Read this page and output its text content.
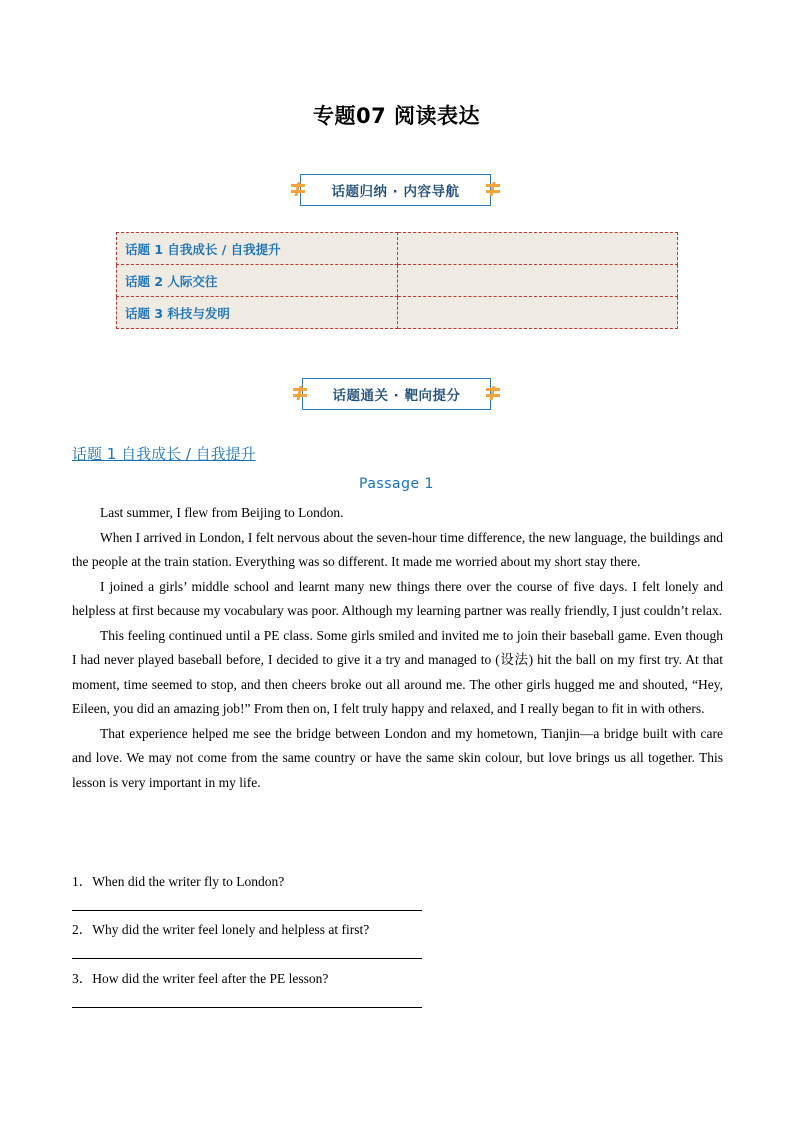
专题07 阅读表达
话题归纳 · 内容导航
话题 1 自我成长 / 自我提升	
话题 2 人际交往	
话题 3 科技与发明	
话题通关 · 靶向提分
话题 1 自我成长 / 自我提升
Passage 1

Last summer, I flew from Beijing to London.

When I arrived in London, I felt nervous about the seven-hour time difference, the new language, the buildings and the people at the train station. Everything was so different. It made me worried about my short stay there.

I joined a girls’ middle school and learnt many new things there over the course of five days. I felt lonely and helpless at first because my vocabulary was poor. Although my learning partner was really friendly, I just couldn’t relax.

This feeling continued until a PE class. Some girls smiled and invited me to join their baseball game. Even though I had never played baseball before, I decided to give it a try and managed to (设法) hit the ball on my first try. At that moment, time seemed to stop, and then cheers broke out all around me. The other girls hugged me and shouted, “Hey, Eileen, you did an amazing job!” From then on, I felt truly happy and relaxed, and I really began to fit in with others.

That experience helped me see the bridge between London and my hometown, Tianjin—a bridge built with care and love. We may not come from the same country or have the same skin colour, but love brings us all together. This lesson is very important in my life.

1．When did the writer fly to London?
2．Why did the writer feel lonely and helpless at first?
3．How did the writer feel after the PE lesson?
